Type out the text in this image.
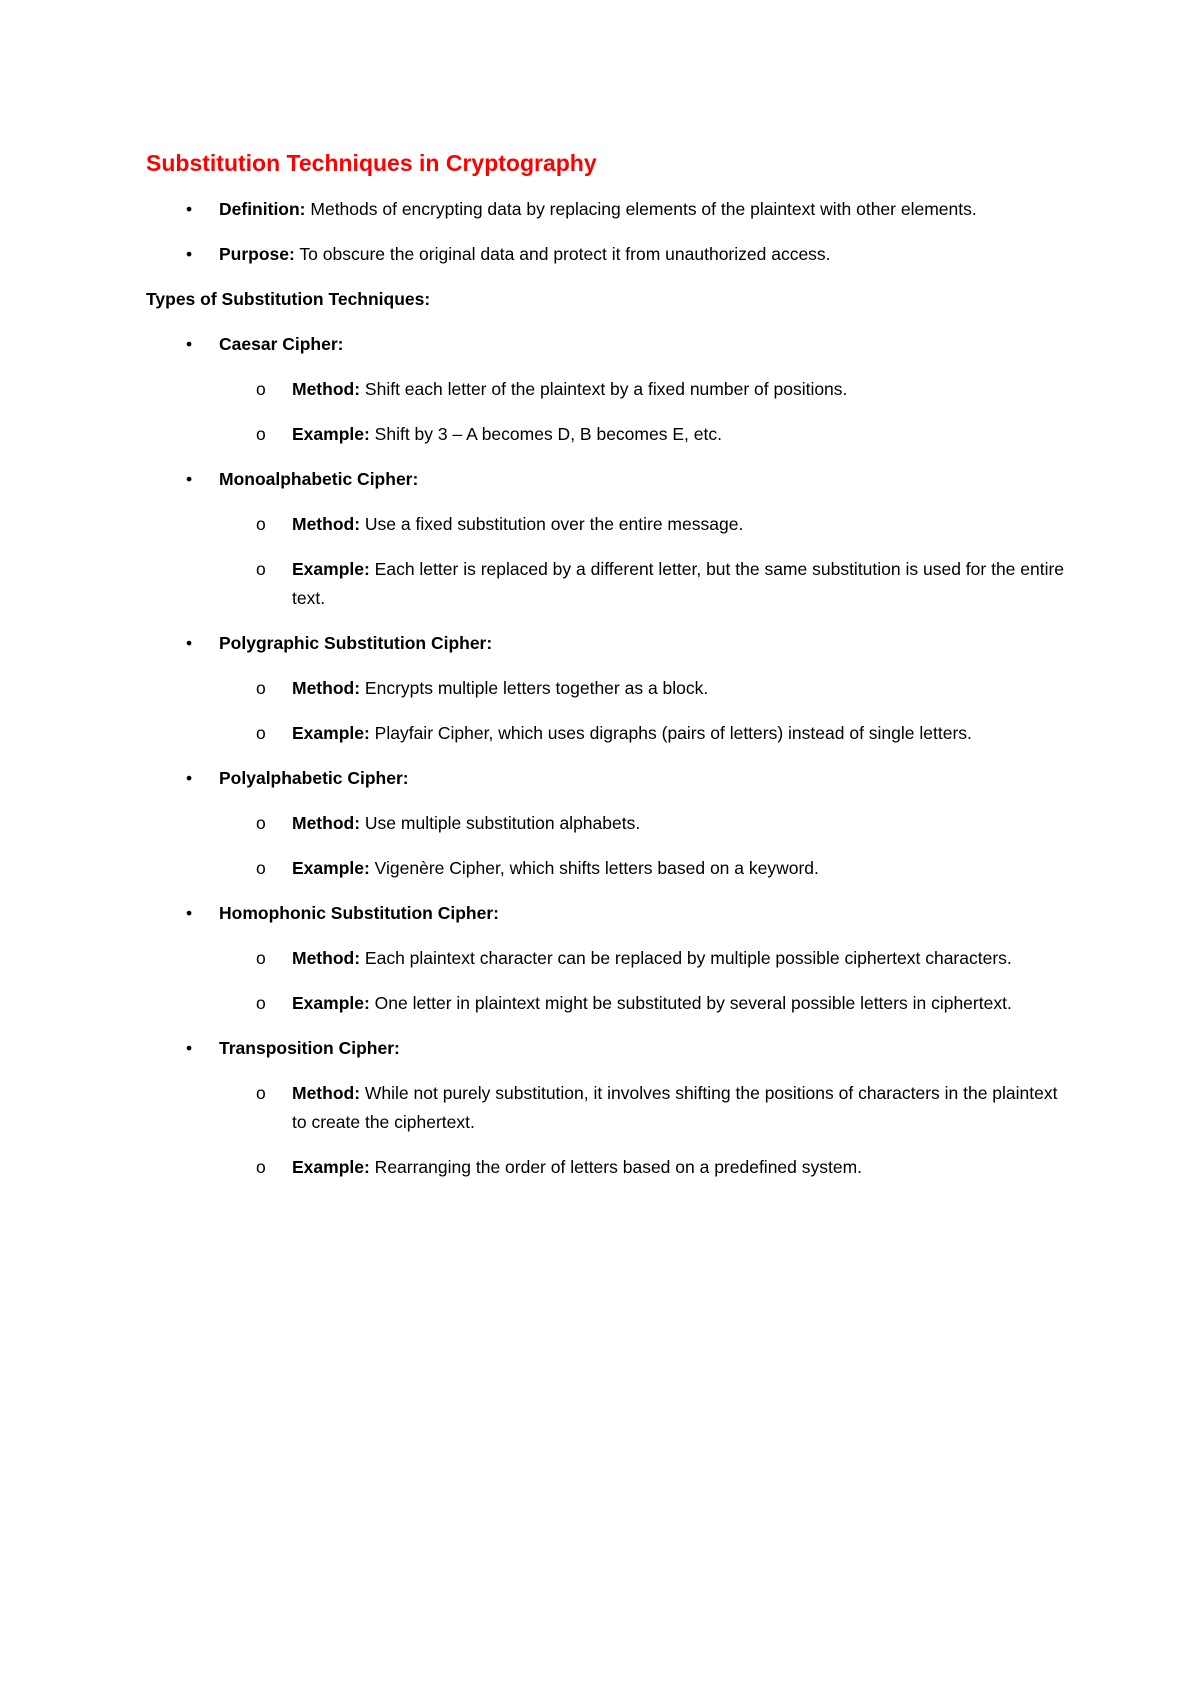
Substitution Techniques in Cryptography
• Definition: Methods of encrypting data by replacing elements of the plaintext with other elements.
• Purpose: To obscure the original data and protect it from unauthorized access.
Types of Substitution Techniques:
• Caesar Cipher:
o Method: Shift each letter of the plaintext by a fixed number of positions.
o Example: Shift by 3 – A becomes D, B becomes E, etc.
• Monoalphabetic Cipher:
o Method: Use a fixed substitution over the entire message.
o Example: Each letter is replaced by a different letter, but the same substitution is used for the entire text.
• Polygraphic Substitution Cipher:
o Method: Encrypts multiple letters together as a block.
o Example: Playfair Cipher, which uses digraphs (pairs of letters) instead of single letters.
• Polyalphabetic Cipher:
o Method: Use multiple substitution alphabets.
o Example: Vigenère Cipher, which shifts letters based on a keyword.
• Homophonic Substitution Cipher:
o Method: Each plaintext character can be replaced by multiple possible ciphertext characters.
o Example: One letter in plaintext might be substituted by several possible letters in ciphertext.
• Transposition Cipher:
o Method: While not purely substitution, it involves shifting the positions of characters in the plaintext to create the ciphertext.
o Example: Rearranging the order of letters based on a predefined system.
